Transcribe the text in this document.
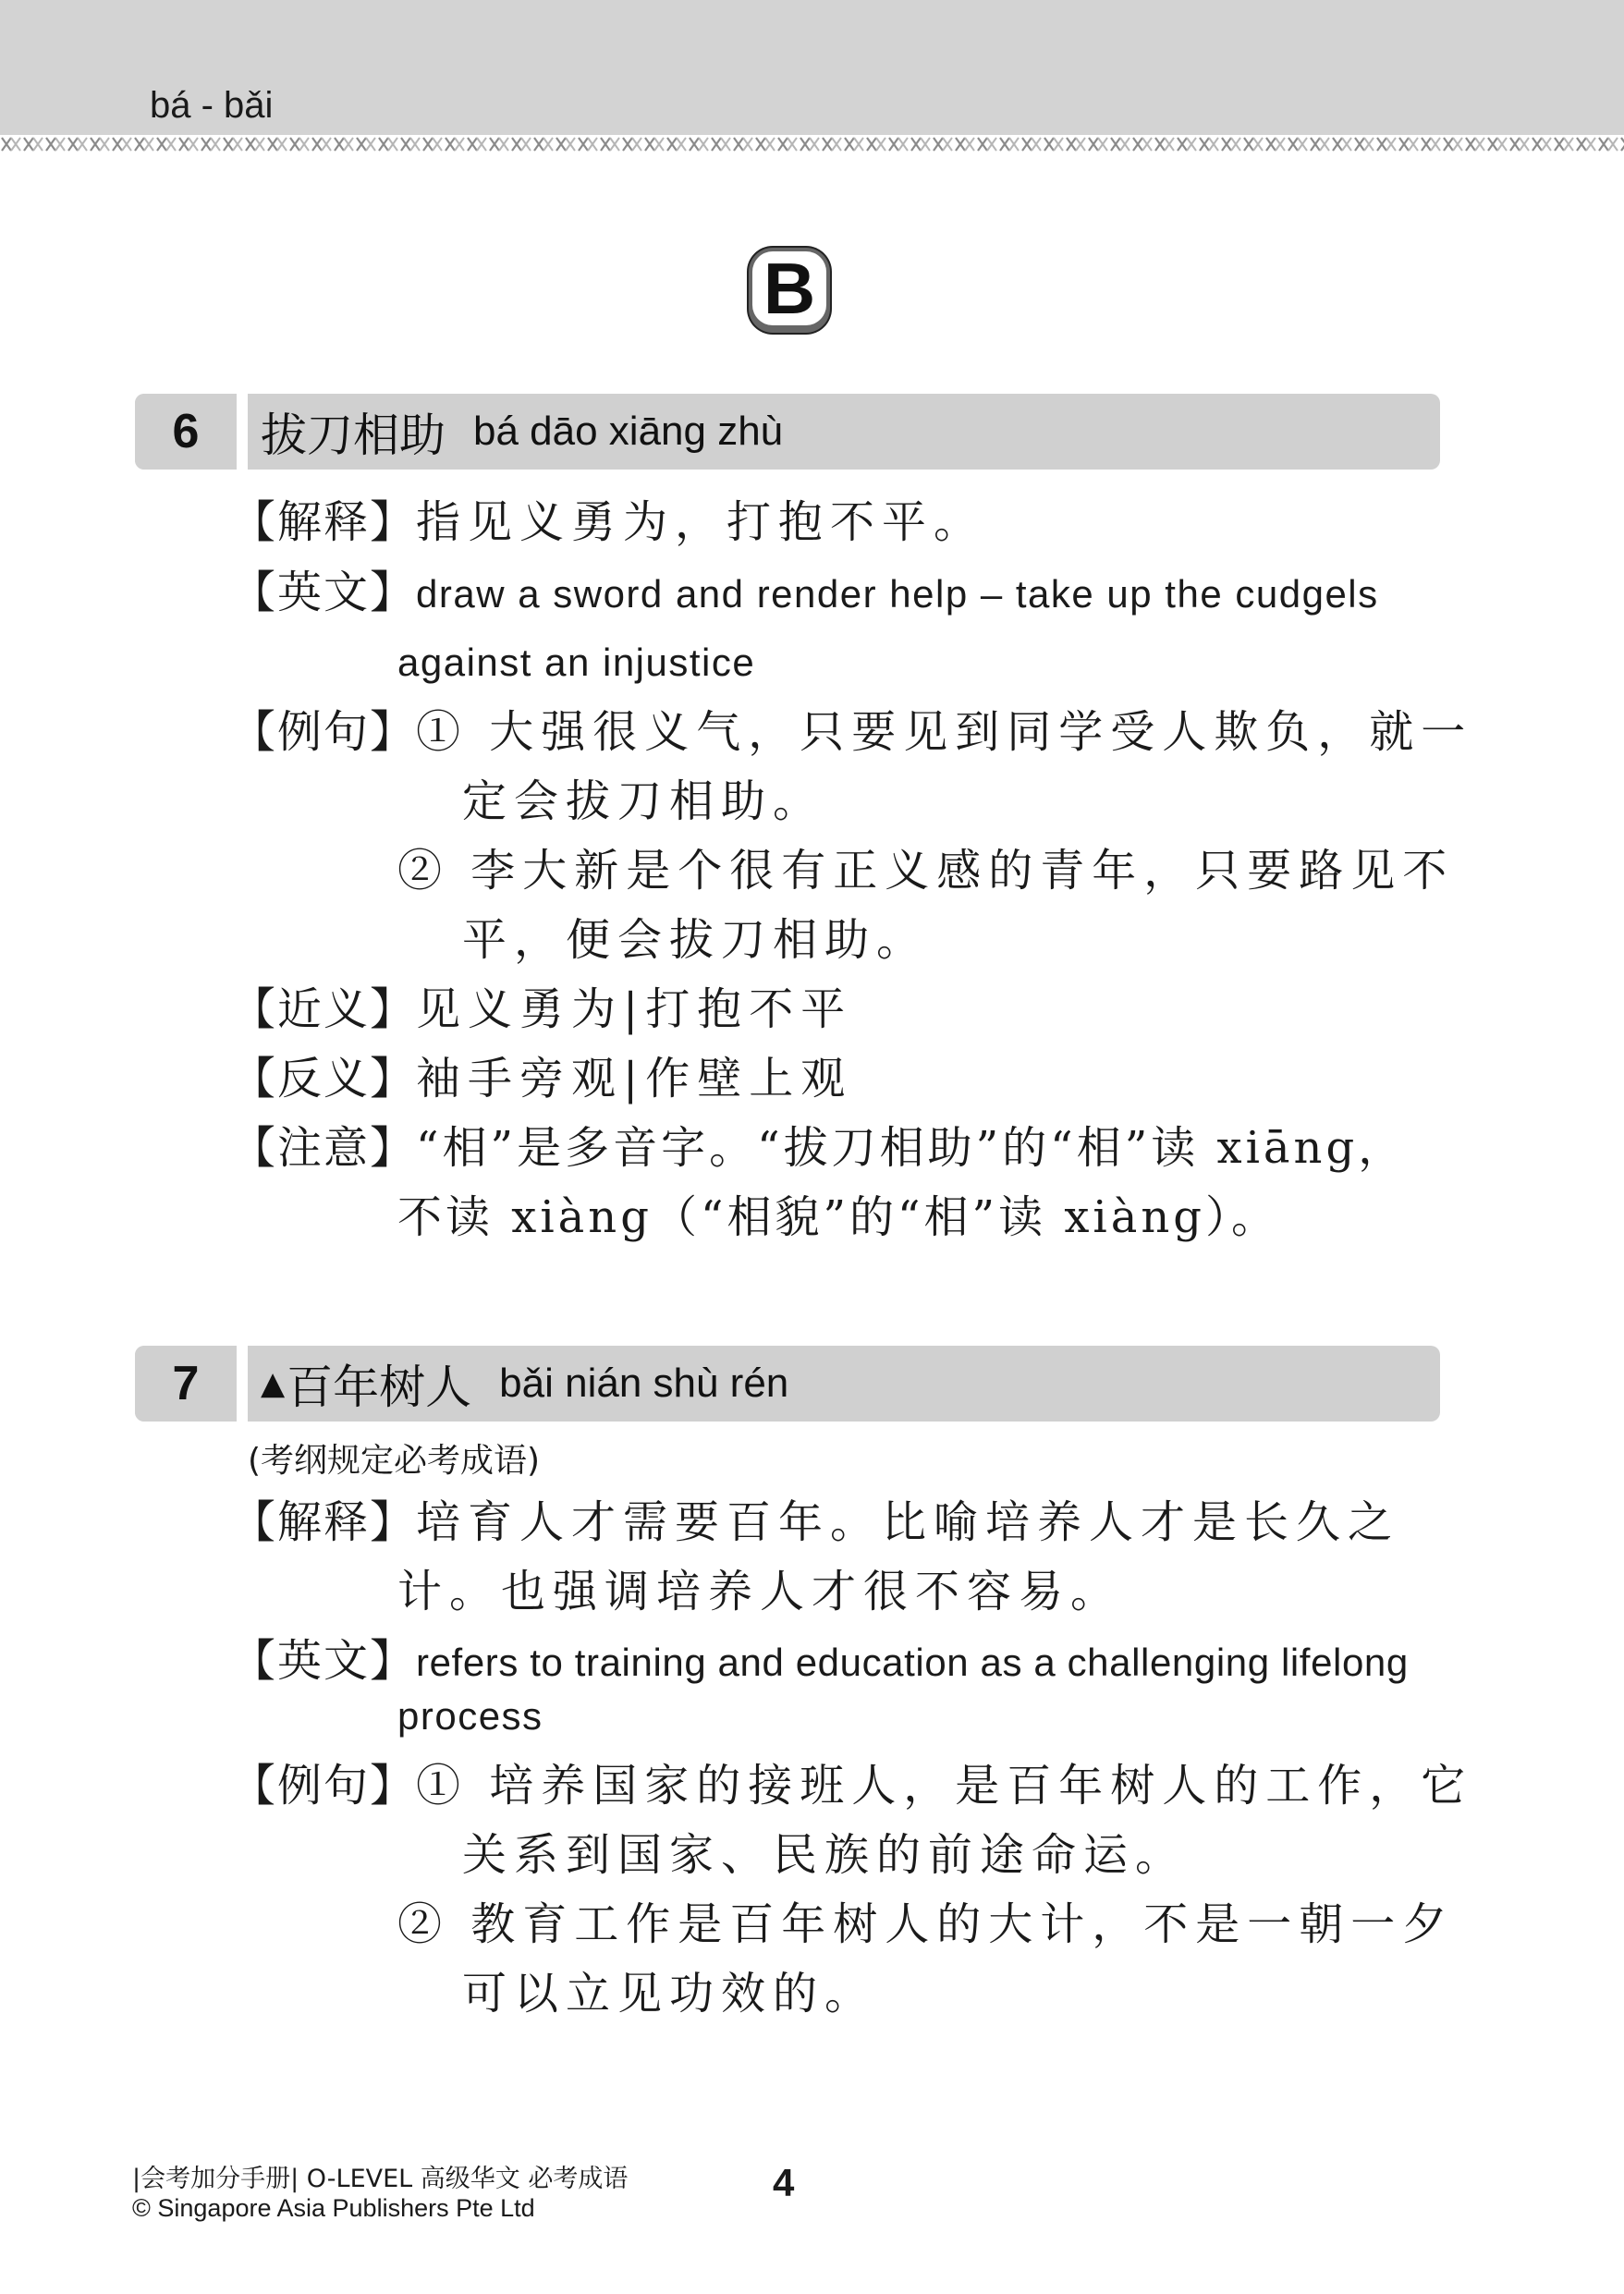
bá - bǎi
B
6	拔刀相助 bá dāo xiāng zhù
【解释】指见义勇为，打抱不平。
【英文】draw a sword and render help – take up the cudgels
against an injustice
【例句】① 大强很义气，只要见到同学受人欺负，就一
定会拔刀相助。
② 李大新是个很有正义感的青年，只要路见不
平，便会拔刀相助。
【近义】见义勇为|打抱不平
【反义】袖手旁观|作壁上观
【注意】“相”是多音字。“拔刀相助”的“相”读 xiāng，
不读 xiàng（“相貌”的“相”读 xiàng）。
7	▲ 百年树人 bǎi nián shù rén
(考纲规定必考成语)
【解释】培育人才需要百年。比喻培养人才是长久之
计。也强调培养人才很不容易。
【英文】refers to training and education as a challenging lifelong
process
【例句】① 培养国家的接班人，是百年树人的工作，它
关系到国家、民族的前途命运。
② 教育工作是百年树人的大计，不是一朝一夕
可以立见功效的。
|会考加分手册| O-LEVEL 高级华文 必考成语
© Singapore Asia Publishers Pte Ltd
4
